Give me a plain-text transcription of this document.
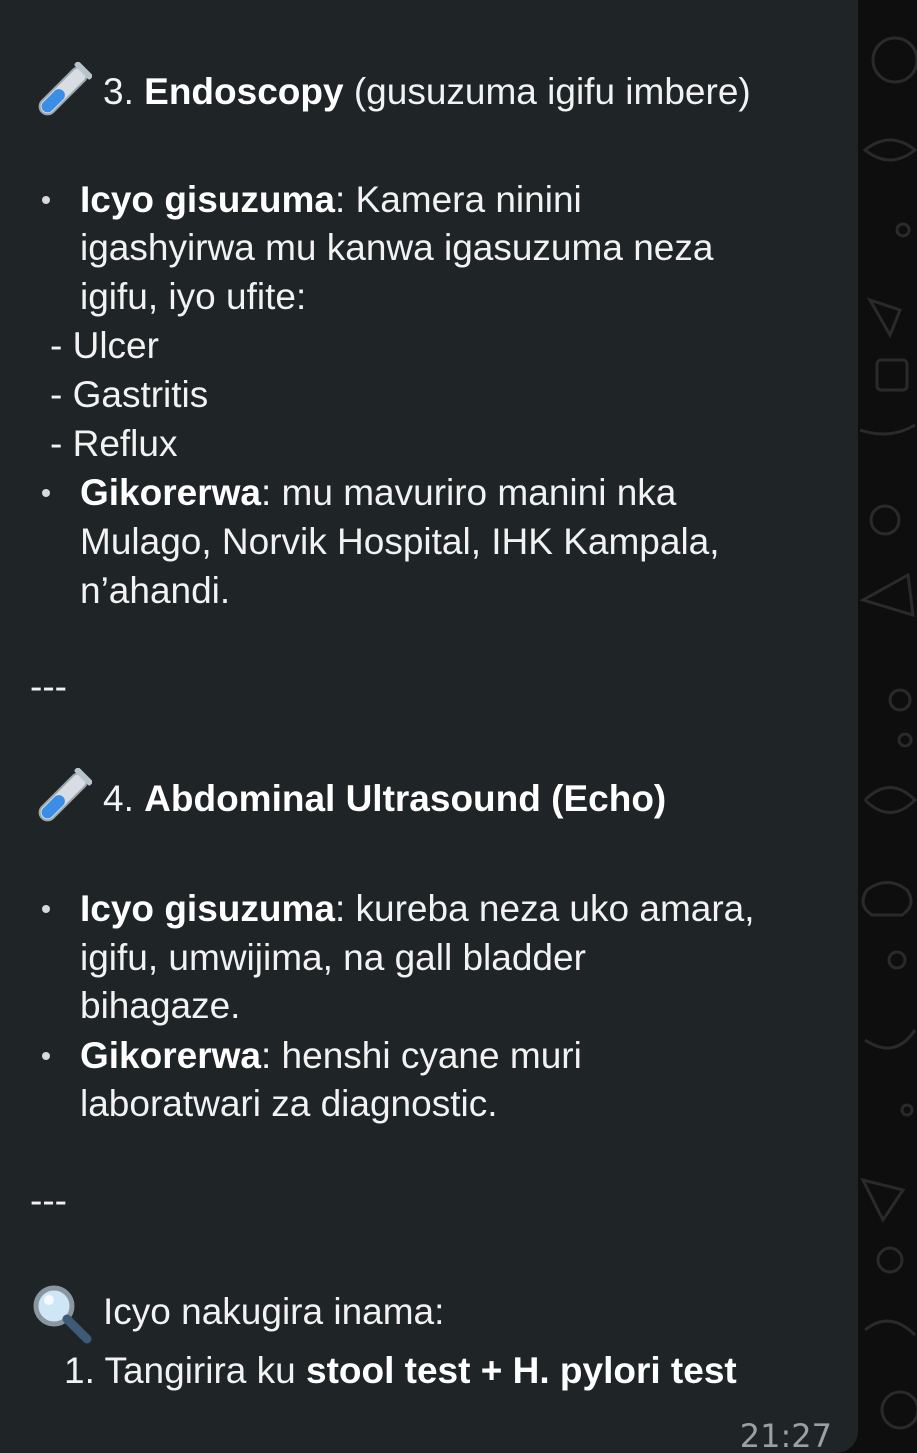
3. Endoscopy (gusuzuma igifu imbere)
Icyo gisuzuma: Kamera ninini
igashyirwa mu kanwa igasuzuma neza
igifu, iyo ufite:
- Ulcer
- Gastritis
- Reflux
Gikorerwa: mu mavuriro manini nka
Mulago, Norvik Hospital, IHK Kampala,
n’ahandi.
---
4. Abdominal Ultrasound (Echo)
Icyo gisuzuma: kureba neza uko amara,
igifu, umwijima, na gall bladder
bihagaze.
Gikorerwa: henshi cyane muri
laboratwari za diagnostic.
---
Icyo nakugira inama:
1. Tangirira ku stool test + H. pylori test
21:27
